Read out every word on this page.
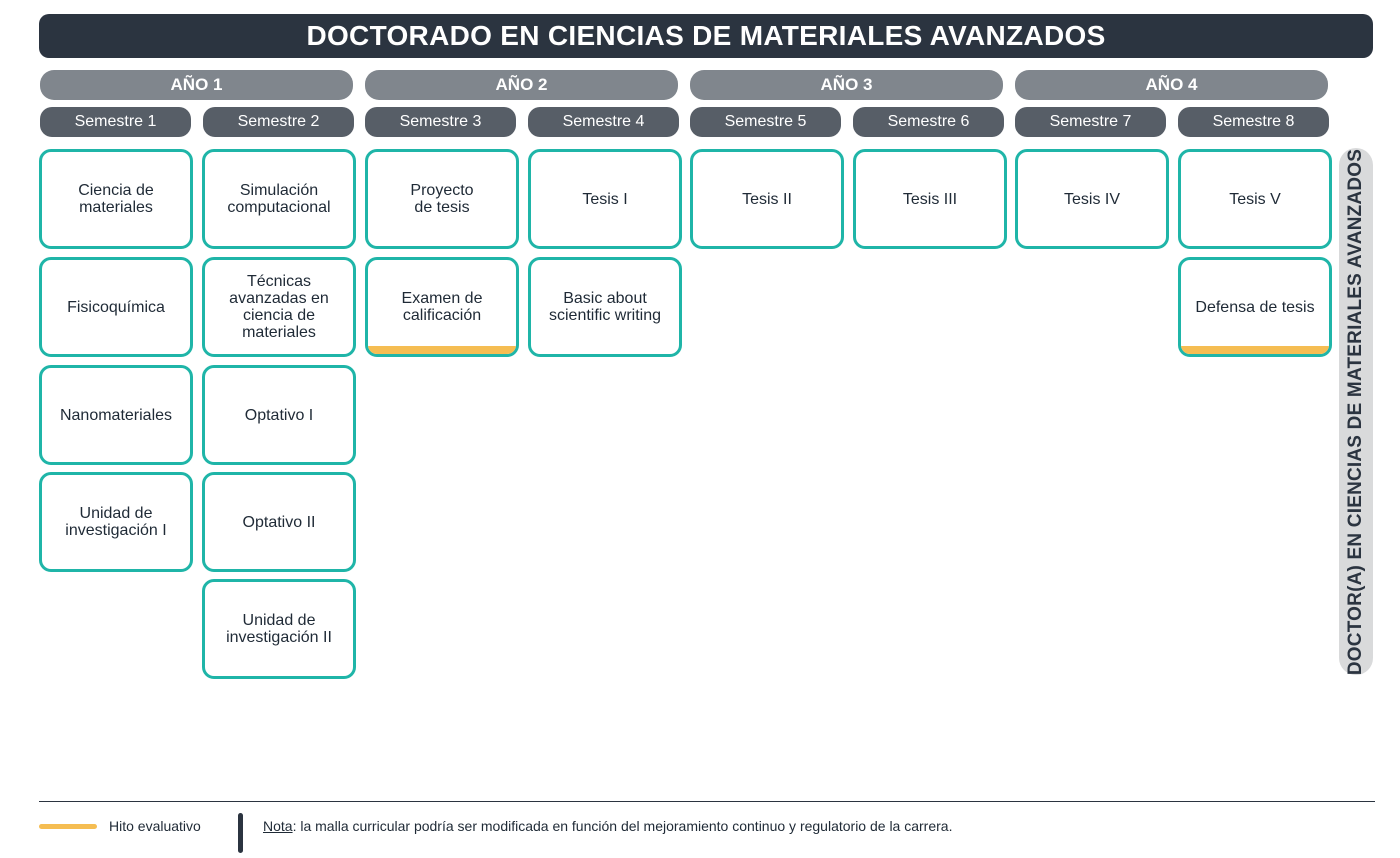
DOCTORADO EN CIENCIAS DE MATERIALES AVANZADOS
AÑO 1	AÑO 2	AÑO 3	AÑO 4
Semestre 1	Semestre 2	Semestre 3	Semestre 4	Semestre 5	Semestre 6	Semestre 7	Semestre 8
Ciencia de
materiales
Fisicoquímica
Nanomateriales
Unidad de
investigación I
Simulación
computacional
Técnicas
avanzadas en
ciencia de
materiales
Optativo I
Optativo II
Unidad de
investigación II
Proyecto
de tesis
Examen de
calificación
Tesis I
Basic about
scientific writing
Tesis II	Tesis III	Tesis IV	Tesis V
Defensa de tesis	DOCTOR(A) EN CIENCIAS DE MATERIALES AVANZADOS
Hito evaluativo	Nota: la malla curricular podría ser modificada en función del mejoramiento continuo y regulatorio de la carrera.
